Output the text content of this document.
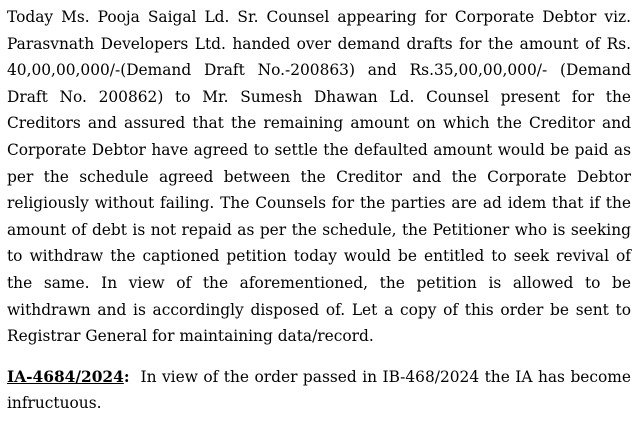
Today Ms. Pooja Saigal Ld. Sr. Counsel appearing for Corporate Debtor viz. Parasvnath Developers Ltd. handed over demand drafts for the amount of Rs. 40,00,00,000/-(Demand Draft No.-200863) and Rs.35,00,00,000/- (Demand Draft No. 200862) to Mr. Sumesh Dhawan Ld. Counsel present for the Creditors and assured that the remaining amount on which the Creditor and Corporate Debtor have agreed to settle the defaulted amount would be paid as per the schedule agreed between the Creditor and the Corporate Debtor religiously without failing. The Counsels for the parties are ad idem that if the amount of debt is not repaid as per the schedule, the Petitioner who is seeking to withdraw the captioned petition today would be entitled to seek revival of the same. In view of the aforementioned, the petition is allowed to be withdrawn and is accordingly disposed of. Let a copy of this order be sent to Registrar General for maintaining data/record.

IA-4684/2024: In view of the order passed in IB-468/2024 the IA has become infructuous.
